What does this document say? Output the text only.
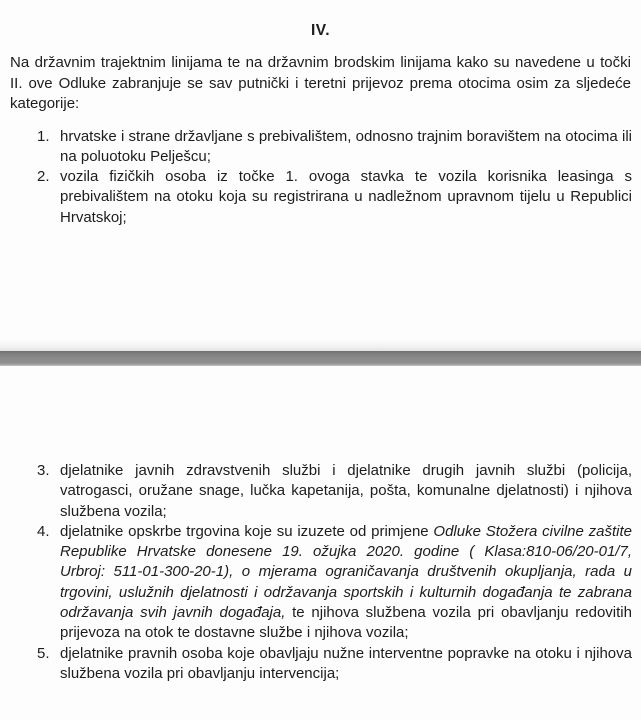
IV.
Na državnim trajektnim linijama te na državnim brodskim linijama kako su navedene u točki II. ove Odluke zabranjuje se sav putnički i teretni prijevoz prema otocima osim za sljedeće kategorije:
1. hrvatske i strane državljane s prebivalištem, odnosno trajnim boravištem na otocima ili na poluotoku Pelješcu;
2. vozila fizičkih osoba iz točke 1. ovoga stavka te vozila korisnika leasinga s prebivalištem na otoku koja su registrirana u nadležnom upravnom tijelu u Republici Hrvatskoj;
3. djelatnike javnih zdravstvenih službi i djelatnike drugih javnih službi (policija, vatrogasci, oružane snage, lučka kapetanija, pošta, komunalne djelatnosti) i njihova službena vozila;
4. djelatnike opskrbe trgovina koje su izuzete od primjene Odluke Stožera civilne zaštite Republike Hrvatske donesene 19. ožujka 2020. godine ( Klasa:810-06/20-01/7, Urbroj: 511-01-300-20-1), o mjerama ograničavanja društvenih okupljanja, rada u trgovini, uslužnih djelatnosti i održavanja sportskih i kulturnih događanja te zabrana održavanja svih javnih događaja, te njihova službena vozila pri obavljanju redovitih prijevoza na otok te dostavne službe i njihova vozila;
5. djelatnike pravnih osoba koje obavljaju nužne interventne popravke na otoku i njihova službena vozila pri obavljanju intervencija;
